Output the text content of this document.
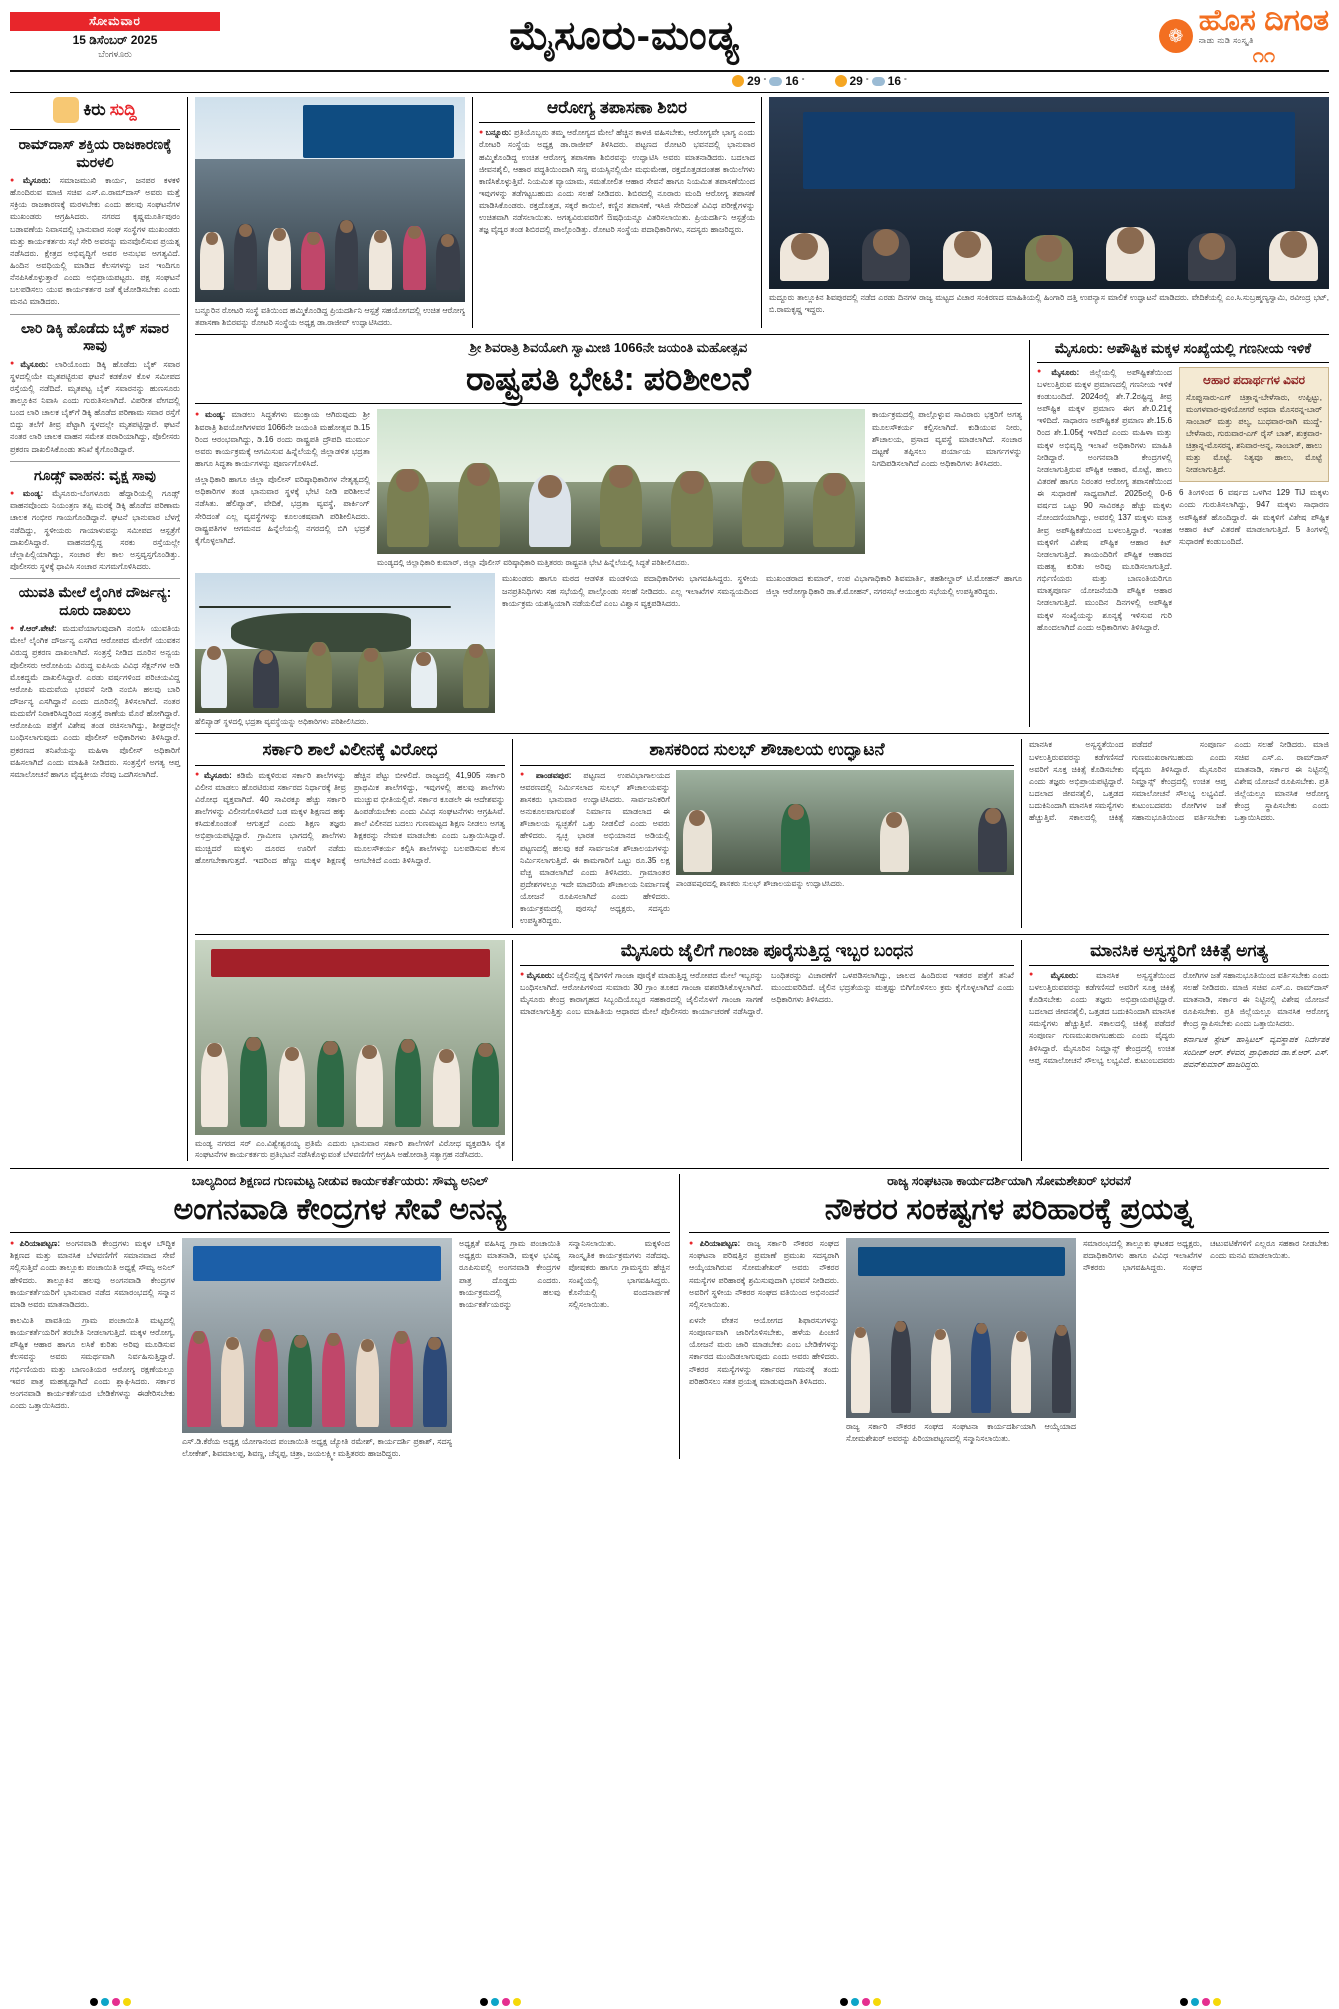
ಸೋಮವಾರ
15 ಡಿಸೆಂಬರ್ 2025
ಬೆಂಗಳೂರು	ಮೈಸೂರು-ಮಂಡ್ಯ	❁ ಹೊಸ ದಿಗಂತ
ನಾಡು ನುಡಿ ಸಂಸ್ಕೃತಿ
೧೧
29 ° 16 °	29 ° 16 °
ಕಿರು ಸುದ್ದಿ
ರಾಮ್‌ದಾಸ್ ಶಕ್ತಿಯ ರಾಜಕಾರಣಕ್ಕೆ ಮರಳಲಿ
● ಮೈಸೂರು: ಸಮಾಜಮುಖಿ ಕಾರ್ಯ, ಜನಪರ ಕಳಕಳಿ ಹೊಂದಿರುವ ಮಾಜಿ ಸಚಿವ ಎಸ್.ಎ.ರಾಮ್‌ದಾಸ್ ಅವರು ಮತ್ತೆ ಸಕ್ರಿಯ ರಾಜಕಾರಣಕ್ಕೆ ಮರಳಬೇಕು ಎಂದು ಹಲವು ಸಂಘಟನೆಗಳ ಮುಖಂಡರು ಆಗ್ರಹಿಸಿದರು. ನಗರದ ಕೃಷ್ಣಮೂರ್ತಿಪುರಂ ಬಡಾವಣೆಯ ನಿವಾಸದಲ್ಲಿ ಭಾನುವಾರ ಸಂಘ ಸಂಸ್ಥೆಗಳ ಮುಖಂಡರು ಮತ್ತು ಕಾರ್ಯಕರ್ತರು ಸಭೆ ಸೇರಿ ಅವರನ್ನು ಮನವೊಲಿಸುವ ಪ್ರಯತ್ನ ನಡೆಸಿದರು. ಕ್ಷೇತ್ರದ ಅಭಿವೃದ್ಧಿಗೆ ಅವರ ಅನುಭವ ಅಗತ್ಯವಿದೆ. ಹಿಂದಿನ ಅವಧಿಯಲ್ಲಿ ಮಾಡಿದ ಕೆಲಸಗಳನ್ನು ಜನ ಇಂದಿಗೂ ನೆನಪಿಸಿಕೊಳ್ಳುತ್ತಾರೆ ಎಂದು ಅಭಿಪ್ರಾಯಪಟ್ಟರು. ಪಕ್ಷ ಸಂಘಟನೆ ಬಲಪಡಿಸಲು ಯುವ ಕಾರ್ಯಕರ್ತರ ಜತೆ ಕೈಜೋಡಿಸಬೇಕು ಎಂದು ಮನವಿ ಮಾಡಿದರು.
ಲಾರಿ ಡಿಕ್ಕಿ ಹೊಡೆದು ಬೈಕ್ ಸವಾರ ಸಾವು
● ಮೈಸೂರು: ಲಾರಿಯೊಂದು ಡಿಕ್ಕಿ ಹೊಡೆದು ಬೈಕ್ ಸವಾರ ಸ್ಥಳದಲ್ಲಿಯೇ ಮೃತಪಟ್ಟಿರುವ ಘಟನೆ ಕಡಕೊಳ ಕೊಳ ಸಮೀಪದ ರಸ್ತೆಯಲ್ಲಿ ನಡೆದಿದೆ. ಮೃತಪಟ್ಟ ಬೈಕ್ ಸವಾರನನ್ನು ಹುಣಸೂರು ತಾಲ್ಲೂಕಿನ ನಿವಾಸಿ ಎಂದು ಗುರುತಿಸಲಾಗಿದೆ. ವಿಪರೀತ ವೇಗದಲ್ಲಿ ಬಂದ ಲಾರಿ ಚಾಲಕ ಬೈಕ್‌ಗೆ ಡಿಕ್ಕಿ ಹೊಡೆದ ಪರಿಣಾಮ ಸವಾರ ರಸ್ತೆಗೆ ಬಿದ್ದು ತಲೆಗೆ ತೀವ್ರ ಪೆಟ್ಟಾಗಿ ಸ್ಥಳದಲ್ಲೇ ಮೃತಪಟ್ಟಿದ್ದಾರೆ. ಘಟನೆ ನಂತರ ಲಾರಿ ಚಾಲಕ ವಾಹನ ಸಮೇತ ಪರಾರಿಯಾಗಿದ್ದು, ಪೊಲೀಸರು ಪ್ರಕರಣ ದಾಖಲಿಸಿಕೊಂಡು ತನಿಖೆ ಕೈಗೊಂಡಿದ್ದಾರೆ.
ಗೂಡ್ಸ್ ವಾಹನ: ವೃಕ್ಷ ಸಾವು
● ಮಂಡ್ಯ: ಮೈಸೂರು-ಬೆಂಗಳೂರು ಹೆದ್ದಾರಿಯಲ್ಲಿ ಗೂಡ್ಸ್ ವಾಹನವೊಂದು ನಿಯಂತ್ರಣ ತಪ್ಪಿ ಮರಕ್ಕೆ ಡಿಕ್ಕಿ ಹೊಡೆದ ಪರಿಣಾಮ ಚಾಲಕ ಗಂಭೀರ ಗಾಯಗೊಂಡಿದ್ದಾನೆ. ಘಟನೆ ಭಾನುವಾರ ಬೆಳಗ್ಗೆ ನಡೆದಿದ್ದು, ಸ್ಥಳೀಯರು ಗಾಯಾಳುವನ್ನು ಸಮೀಪದ ಆಸ್ಪತ್ರೆಗೆ ದಾಖಲಿಸಿದ್ದಾರೆ. ವಾಹನದಲ್ಲಿದ್ದ ಸರಕು ರಸ್ತೆಯಲ್ಲೇ ಚೆಲ್ಲಾಪಿಲ್ಲಿಯಾಗಿದ್ದು, ಸಂಚಾರ ಕೆಲ ಕಾಲ ಅಸ್ತವ್ಯಸ್ತಗೊಂಡಿತ್ತು. ಪೊಲೀಸರು ಸ್ಥಳಕ್ಕೆ ಧಾವಿಸಿ ಸಂಚಾರ ಸುಗಮಗೊಳಿಸಿದರು.
ಯುವತಿ ಮೇಲೆ ಲೈಂಗಿಕ ದೌರ್ಜನ್ಯ: ದೂರು ದಾಖಲು
● ಕೆ.ಆರ್.ಪೇಟೆ: ಮದುವೆಯಾಗುವುದಾಗಿ ನಂಬಿಸಿ ಯುವತಿಯ ಮೇಲೆ ಲೈಂಗಿಕ ದೌರ್ಜನ್ಯ ಎಸಗಿದ ಆರೋಪದ ಮೇರೆಗೆ ಯುವಕನ ವಿರುದ್ಧ ಪ್ರಕರಣ ದಾಖಲಾಗಿದೆ. ಸಂತ್ರಸ್ತೆ ನೀಡಿದ ದೂರಿನ ಅನ್ವಯ ಪೊಲೀಸರು ಆರೋಪಿಯ ವಿರುದ್ಧ ಐಪಿಸಿಯ ವಿವಿಧ ಸೆಕ್ಷನ್‌ಗಳ ಅಡಿ ಮೊಕದ್ದಮೆ ದಾಖಲಿಸಿದ್ದಾರೆ. ಎರಡು ವರ್ಷಗಳಿಂದ ಪರಿಚಯವಿದ್ದ ಆರೋಪಿ ಮದುವೆಯ ಭರವಸೆ ನೀಡಿ ನಂಬಿಸಿ ಹಲವು ಬಾರಿ ದೌರ್ಜನ್ಯ ಎಸಗಿದ್ದಾನೆ ಎಂದು ದೂರಿನಲ್ಲಿ ತಿಳಿಸಲಾಗಿದೆ. ನಂತರ ಮದುವೆಗೆ ನಿರಾಕರಿಸಿದ್ದರಿಂದ ಸಂತ್ರಸ್ತೆ ಠಾಣೆಯ ಮೊರೆ ಹೋಗಿದ್ದಾರೆ. ಆರೋಪಿಯ ಪತ್ತೆಗೆ ವಿಶೇಷ ತಂಡ ರಚಿಸಲಾಗಿದ್ದು, ಶೀಘ್ರದಲ್ಲೇ ಬಂಧಿಸಲಾಗುವುದು ಎಂದು ಪೊಲೀಸ್ ಅಧಿಕಾರಿಗಳು ತಿಳಿಸಿದ್ದಾರೆ. ಪ್ರಕರಣದ ತನಿಖೆಯನ್ನು ಮಹಿಳಾ ಪೊಲೀಸ್ ಅಧಿಕಾರಿಗೆ ವಹಿಸಲಾಗಿದೆ ಎಂದು ಮಾಹಿತಿ ನೀಡಿದರು. ಸಂತ್ರಸ್ತೆಗೆ ಅಗತ್ಯ ಆಪ್ತ ಸಮಾಲೋಚನೆ ಹಾಗೂ ವೈದ್ಯಕೀಯ ನೆರವು ಒದಗಿಸಲಾಗಿದೆ.
ಬನ್ನೂರಿನ ರೋಟರಿ ಸಂಸ್ಥೆ ವತಿಯಿಂದ ಹಮ್ಮಿಕೊಂಡಿದ್ದ ಪ್ರಿಯದರ್ಶಿನಿ ಆಸ್ಪತ್ರೆ ಸಹಯೋಗದಲ್ಲಿ ಉಚಿತ ಆರೋಗ್ಯ ತಪಾಸಣಾ ಶಿಬಿರವನ್ನು ರೋಟರಿ ಸಂಸ್ಥೆಯ ಅಧ್ಯಕ್ಷ ಡಾ.ರಾಜೀವ್ ಉದ್ಘಾಟಿಸಿದರು.
ಆರೋಗ್ಯ ತಪಾಸಣಾ ಶಿಬಿರ
● ಬನ್ನೂರು: ಪ್ರತಿಯೊಬ್ಬರು ತಮ್ಮ ಆರೋಗ್ಯದ ಮೇಲೆ ಹೆಚ್ಚಿನ ಕಾಳಜಿ ವಹಿಸಬೇಕು, ಆರೋಗ್ಯವೇ ಭಾಗ್ಯ ಎಂದು ರೋಟರಿ ಸಂಸ್ಥೆಯ ಅಧ್ಯಕ್ಷ ಡಾ.ರಾಜೀವ್ ತಿಳಿಸಿದರು. ಪಟ್ಟಣದ ರೋಟರಿ ಭವನದಲ್ಲಿ ಭಾನುವಾರ ಹಮ್ಮಿಕೊಂಡಿದ್ದ ಉಚಿತ ಆರೋಗ್ಯ ತಪಾಸಣಾ ಶಿಬಿರವನ್ನು ಉದ್ಘಾಟಿಸಿ ಅವರು ಮಾತನಾಡಿದರು. ಬದಲಾದ ಜೀವನಶೈಲಿ, ಆಹಾರ ಪದ್ಧತಿಯಿಂದಾಗಿ ಸಣ್ಣ ವಯಸ್ಸಿನಲ್ಲಿಯೇ ಮಧುಮೇಹ, ರಕ್ತದೊತ್ತಡದಂತಹ ಕಾಯಿಲೆಗಳು ಕಾಣಿಸಿಕೊಳ್ಳುತ್ತಿವೆ. ನಿಯಮಿತ ವ್ಯಾಯಾಮ, ಸಮತೋಲಿತ ಆಹಾರ ಸೇವನೆ ಹಾಗೂ ನಿಯಮಿತ ತಪಾಸಣೆಯಿಂದ ಇವುಗಳನ್ನು ತಡೆಗಟ್ಟಬಹುದು ಎಂದು ಸಲಹೆ ನೀಡಿದರು. ಶಿಬಿರದಲ್ಲಿ ನೂರಾರು ಮಂದಿ ಆರೋಗ್ಯ ತಪಾಸಣೆ ಮಾಡಿಸಿಕೊಂಡರು. ರಕ್ತದೊತ್ತಡ, ಸಕ್ಕರೆ ಕಾಯಿಲೆ, ಕಣ್ಣಿನ ತಪಾಸಣೆ, ಇಸಿಜಿ ಸೇರಿದಂತೆ ವಿವಿಧ ಪರೀಕ್ಷೆಗಳನ್ನು ಉಚಿತವಾಗಿ ನಡೆಸಲಾಯಿತು. ಅಗತ್ಯವಿರುವವರಿಗೆ ಔಷಧಿಯನ್ನೂ ವಿತರಿಸಲಾಯಿತು. ಪ್ರಿಯದರ್ಶಿನಿ ಆಸ್ಪತ್ರೆಯ ತಜ್ಞ ವೈದ್ಯರ ತಂಡ ಶಿಬಿರದಲ್ಲಿ ಪಾಲ್ಗೊಂಡಿತ್ತು. ರೋಟರಿ ಸಂಸ್ಥೆಯ ಪದಾಧಿಕಾರಿಗಳು, ಸದಸ್ಯರು ಹಾಜರಿದ್ದರು.
ಮದ್ದೂರು ತಾಲ್ಲೂಕಿನ ಶಿವಪುರದಲ್ಲಿ ನಡೆದ ಎರಡು ದಿನಗಳ ರಾಜ್ಯ ಮಟ್ಟದ ವಿಚಾರ ಸಂಕಿರಣದ ಮಾಹಿತಿಯಲ್ಲಿ ಹಿಂಗಾರಿ ದತ್ತಿ ಉಪನ್ಯಾಸ ಮಾಲಿಕೆ ಉದ್ಘಾಟನೆ ಮಾಡಿದರು. ವೇದಿಕೆಯಲ್ಲಿ ಎಂ.ಸಿ.ಸುಬ್ರಹ್ಮಣ್ಯಸ್ವಾಮಿ, ರವೀಂದ್ರ ಭಟ್, ಬಿ.ರಾಮಕೃಷ್ಣ ಇದ್ದರು.
ಶ್ರೀ ಶಿವರಾತ್ರಿ ಶಿವಯೋಗಿ ಸ್ವಾಮೀಜಿ 1066ನೇ ಜಯಂತಿ ಮಹೋತ್ಸವ
ರಾಷ್ಟ್ರಪತಿ ಭೇಟಿ: ಪರಿಶೀಲನೆ
● ಮಂಡ್ಯ: ಮಾಡಲು ಸಿದ್ಧತೆಗಳು ಮುಕ್ತಾಯ ಆಗಿರುವುದು ಶ್ರೀ ಶಿವರಾತ್ರಿ ಶಿವಯೋಗಿಗಳವರ 1066ನೇ ಜಯಂತಿ ಮಹೋತ್ಸವ ಡಿ.15 ರಿಂದ ಆರಂಭವಾಗಿದ್ದು, ಡಿ.16 ರಂದು ರಾಷ್ಟ್ರಪತಿ ದ್ರೌಪದಿ ಮುರ್ಮು ಅವರು ಕಾರ್ಯಕ್ರಮಕ್ಕೆ ಆಗಮಿಸುವ ಹಿನ್ನೆಲೆಯಲ್ಲಿ ಜಿಲ್ಲಾಡಳಿತ ಭದ್ರತಾ ಹಾಗೂ ಸಿದ್ಧತಾ ಕಾರ್ಯಗಳನ್ನು ಪೂರ್ಣಗೊಳಿಸಿದೆ.
ಜಿಲ್ಲಾಧಿಕಾರಿ ಹಾಗೂ ಜಿಲ್ಲಾ ಪೊಲೀಸ್ ವರಿಷ್ಠಾಧಿಕಾರಿಗಳ ನೇತೃತ್ವದಲ್ಲಿ ಅಧಿಕಾರಿಗಳ ತಂಡ ಭಾನುವಾರ ಸ್ಥಳಕ್ಕೆ ಭೇಟಿ ನೀಡಿ ಪರಿಶೀಲನೆ ನಡೆಸಿತು. ಹೆಲಿಪ್ಯಾಡ್, ವೇದಿಕೆ, ಭದ್ರತಾ ವ್ಯವಸ್ಥೆ, ಪಾರ್ಕಿಂಗ್ ಸೇರಿದಂತೆ ಎಲ್ಲ ವ್ಯವಸ್ಥೆಗಳನ್ನು ಕೂಲಂಕಷವಾಗಿ ಪರಿಶೀಲಿಸಿದರು. ರಾಷ್ಟ್ರಪತಿಗಳ ಆಗಮನದ ಹಿನ್ನೆಲೆಯಲ್ಲಿ ನಗರದಲ್ಲಿ ಬಿಗಿ ಭದ್ರತೆ ಕೈಗೊಳ್ಳಲಾಗಿದೆ.
ಮಂಡ್ಯದಲ್ಲಿ ಜಿಲ್ಲಾಧಿಕಾರಿ ಕುಮಾರ್, ಜಿಲ್ಲಾ ಪೊಲೀಸ್ ವರಿಷ್ಠಾಧಿಕಾರಿ ಮತ್ತಿತರರು ರಾಷ್ಟ್ರಪತಿ ಭೇಟಿ ಹಿನ್ನೆಲೆಯಲ್ಲಿ ಸಿದ್ಧತೆ ಪರಿಶೀಲಿಸಿದರು.
ಕಾರ್ಯಕ್ರಮದಲ್ಲಿ ಪಾಲ್ಗೊಳ್ಳುವ ಸಾವಿರಾರು ಭಕ್ತರಿಗೆ ಅಗತ್ಯ ಮೂಲಸೌಕರ್ಯ ಕಲ್ಪಿಸಲಾಗಿದೆ. ಕುಡಿಯುವ ನೀರು, ಶೌಚಾಲಯ, ಪ್ರಸಾದ ವ್ಯವಸ್ಥೆ ಮಾಡಲಾಗಿದೆ. ಸಂಚಾರ ದಟ್ಟಣೆ ತಪ್ಪಿಸಲು ಪರ್ಯಾಯ ಮಾರ್ಗಗಳನ್ನು ನಿಗದಿಪಡಿಸಲಾಗಿದೆ ಎಂದು ಅಧಿಕಾರಿಗಳು ತಿಳಿಸಿದರು.
ಹೆಲಿಪ್ಯಾಡ್ ಸ್ಥಳದಲ್ಲಿ ಭದ್ರತಾ ವ್ಯವಸ್ಥೆಯನ್ನು ಅಧಿಕಾರಿಗಳು ಪರಿಶೀಲಿಸಿದರು.
ಮುಖಂಡರು ಹಾಗೂ ಮಠದ ಆಡಳಿತ ಮಂಡಳಿಯ ಪದಾಧಿಕಾರಿಗಳು ಭಾಗವಹಿಸಿದ್ದರು. ಸ್ಥಳೀಯ ಜನಪ್ರತಿನಿಧಿಗಳು ಸಹ ಸಭೆಯಲ್ಲಿ ಪಾಲ್ಗೊಂಡು ಸಲಹೆ ನೀಡಿದರು. ಎಲ್ಲ ಇಲಾಖೆಗಳ ಸಮನ್ವಯದಿಂದ ಕಾರ್ಯಕ್ರಮ ಯಶಸ್ವಿಯಾಗಿ ನಡೆಯಲಿದೆ ಎಂಬ ವಿಶ್ವಾಸ ವ್ಯಕ್ತಪಡಿಸಿದರು.
ಮುಖಂಡರಾದ ಕುಮಾರ್, ಉಪ ವಿಭಾಗಾಧಿಕಾರಿ ಶಿವಮಾರ್ತಿ, ತಹಶೀಲ್ದಾರ್ ಟಿ.ಮೋಹನ್ ಹಾಗೂ ಜಿಲ್ಲಾ ಆರೋಗ್ಯಾಧಿಕಾರಿ ಡಾ.ಕೆ.ಮೋಹನ್, ನಗರಸಭೆ ಆಯುಕ್ತರು ಸಭೆಯಲ್ಲಿ ಉಪಸ್ಥಿತರಿದ್ದರು.
ಮೈಸೂರು: ಅಪೌಷ್ಟಿಕ ಮಕ್ಕಳ ಸಂಖ್ಯೆಯಲ್ಲಿ ಗಣನೀಯ ಇಳಿಕೆ
● ಮೈಸೂರು: ಜಿಲ್ಲೆಯಲ್ಲಿ ಅಪೌಷ್ಟಿಕತೆಯಿಂದ ಬಳಲುತ್ತಿರುವ ಮಕ್ಕಳ ಪ್ರಮಾಣದಲ್ಲಿ ಗಣನೀಯ ಇಳಿಕೆ ಕಂಡುಬಂದಿದೆ. 2024ರಲ್ಲಿ ಶೇ.7.2ರಷ್ಟಿದ್ದ ತೀವ್ರ ಅಪೌಷ್ಟಿಕ ಮಕ್ಕಳ ಪ್ರಮಾಣ ಈಗ ಶೇ.0.21ಕ್ಕೆ ಇಳಿದಿದೆ. ಸಾಧಾರಣ ಅಪೌಷ್ಟಿಕತೆ ಪ್ರಮಾಣ ಶೇ.15.6 ರಿಂದ ಶೇ.1.05ಕ್ಕೆ ಇಳಿದಿದೆ ಎಂದು ಮಹಿಳಾ ಮತ್ತು ಮಕ್ಕಳ ಅಭಿವೃದ್ಧಿ ಇಲಾಖೆ ಅಧಿಕಾರಿಗಳು ಮಾಹಿತಿ ನೀಡಿದ್ದಾರೆ. ಅಂಗನವಾಡಿ ಕೇಂದ್ರಗಳಲ್ಲಿ ನೀಡಲಾಗುತ್ತಿರುವ ಪೌಷ್ಟಿಕ ಆಹಾರ, ಮೊಟ್ಟೆ, ಹಾಲು ವಿತರಣೆ ಹಾಗೂ ನಿರಂತರ ಆರೋಗ್ಯ ತಪಾಸಣೆಯಿಂದ ಈ ಸುಧಾರಣೆ ಸಾಧ್ಯವಾಗಿದೆ. 2025ರಲ್ಲಿ 0-6 ವರ್ಷದ ಒಟ್ಟು 90 ಸಾವಿರಕ್ಕೂ ಹೆಚ್ಚು ಮಕ್ಕಳು ನೋಂದಣಿಯಾಗಿದ್ದು, ಅವರಲ್ಲಿ 137 ಮಕ್ಕಳು ಮಾತ್ರ ತೀವ್ರ ಅಪೌಷ್ಟಿಕತೆಯಿಂದ ಬಳಲುತ್ತಿದ್ದಾರೆ. ಇಂತಹ ಮಕ್ಕಳಿಗೆ ವಿಶೇಷ ಪೌಷ್ಟಿಕ ಆಹಾರ ಕಿಟ್ ನೀಡಲಾಗುತ್ತಿದೆ. ತಾಯಂದಿರಿಗೆ ಪೌಷ್ಟಿಕ ಆಹಾರದ ಮಹತ್ವ ಕುರಿತು ಅರಿವು ಮೂಡಿಸಲಾಗುತ್ತಿದೆ. ಗರ್ಭಿಣಿಯರು ಮತ್ತು ಬಾಣಂತಿಯರಿಗೂ ಮಾತೃಪೂರ್ಣ ಯೋಜನೆಯಡಿ ಪೌಷ್ಟಿಕ ಆಹಾರ ನೀಡಲಾಗುತ್ತಿದೆ. ಮುಂದಿನ ದಿನಗಳಲ್ಲಿ ಅಪೌಷ್ಟಿಕ ಮಕ್ಕಳ ಸಂಖ್ಯೆಯನ್ನು ಶೂನ್ಯಕ್ಕೆ ಇಳಿಸುವ ಗುರಿ ಹೊಂದಲಾಗಿದೆ ಎಂದು ಅಧಿಕಾರಿಗಳು ತಿಳಿಸಿದ್ದಾರೆ.
ಆಹಾರ ಪದಾರ್ಥಗಳ ವಿವರ
ಸೊಪ್ಪುಸಾರು-ಎಗ್ ಚಿತ್ರಾನ್ನ-ಬೇಳೆಸಾರು, ಉಪ್ಪಿಟ್ಟು, ಮಂಗಳವಾರ-ಪುಳಿಯೋಗರೆ ಅಥವಾ ಮೊಸರನ್ನ-ಬಾರ್ ಸಾಂಬಾರ್ ಮತ್ತು ಪಲ್ಯ, ಬುಧವಾರ-ರಾಗಿ ಮುದ್ದೆ-ಬೇಳೆಸಾರು, ಗುರುವಾರ-ಎಗ್ ರೈಸ್ ಬಾತ್, ಶುಕ್ರವಾರ-ಚಿತ್ರಾನ್ನ-ಮೊಸರನ್ನ, ಶನಿವಾರ-ಅನ್ನ, ಸಾಂಬಾರ್, ಹಾಲು ಮತ್ತು ಮೊಟ್ಟೆ. ನಿತ್ಯವೂ ಹಾಲು, ಮೊಟ್ಟೆ ನೀಡಲಾಗುತ್ತಿದೆ.
6 ತಿಂಗಳಿಂದ 6 ವರ್ಷದ ಒಳಗಿನ 129 TiJ ಮಕ್ಕಳು ಎಂದು ಗುರುತಿಸಲಾಗಿದ್ದು, 947 ಮಕ್ಕಳು ಸಾಧಾರಣ ಅಪೌಷ್ಟಿಕತೆ ಹೊಂದಿದ್ದಾರೆ. ಈ ಮಕ್ಕಳಿಗೆ ವಿಶೇಷ ಪೌಷ್ಟಿಕ ಆಹಾರ ಕಿಟ್ ವಿತರಣೆ ಮಾಡಲಾಗುತ್ತಿದೆ. 5 ತಿಂಗಳಲ್ಲಿ ಸುಧಾರಣೆ ಕಂಡುಬಂದಿದೆ.
ಸರ್ಕಾರಿ ಶಾಲೆ ವಿಲೀನಕ್ಕೆ ವಿರೋಧ
● ಮೈಸೂರು: ಕಡಿಮೆ ಮಕ್ಕಳಿರುವ ಸರ್ಕಾರಿ ಶಾಲೆಗಳನ್ನು ವಿಲೀನ ಮಾಡಲು ಹೊರಟಿರುವ ಸರ್ಕಾರದ ನಿರ್ಧಾರಕ್ಕೆ ತೀವ್ರ ವಿರೋಧ ವ್ಯಕ್ತವಾಗಿದೆ. 40 ಸಾವಿರಕ್ಕೂ ಹೆಚ್ಚು ಸರ್ಕಾರಿ ಶಾಲೆಗಳನ್ನು ವಿಲೀನಗೊಳಿಸಿದರೆ ಬಡ ಮಕ್ಕಳ ಶಿಕ್ಷಣದ ಹಕ್ಕು ಕಸಿದುಕೊಂಡಂತೆ ಆಗುತ್ತದೆ ಎಂದು ಶಿಕ್ಷಣ ತಜ್ಞರು ಅಭಿಪ್ರಾಯಪಟ್ಟಿದ್ದಾರೆ. ಗ್ರಾಮೀಣ ಭಾಗದಲ್ಲಿ ಶಾಲೆಗಳು ಮುಚ್ಚಿದರೆ ಮಕ್ಕಳು ದೂರದ ಊರಿಗೆ ನಡೆದು ಹೋಗಬೇಕಾಗುತ್ತದೆ. ಇದರಿಂದ ಹೆಣ್ಣು ಮಕ್ಕಳ ಶಿಕ್ಷಣಕ್ಕೆ ಹೆಚ್ಚಿನ ಪೆಟ್ಟು ಬೀಳಲಿದೆ. ರಾಜ್ಯದಲ್ಲಿ 41,905 ಸರ್ಕಾರಿ ಪ್ರಾಥಮಿಕ ಶಾಲೆಗಳಿದ್ದು, ಇವುಗಳಲ್ಲಿ ಹಲವು ಶಾಲೆಗಳು ಮುಚ್ಚುವ ಭೀತಿಯಲ್ಲಿವೆ. ಸರ್ಕಾರ ಕೂಡಲೇ ಈ ಆದೇಶವನ್ನು ಹಿಂಪಡೆಯಬೇಕು ಎಂದು ವಿವಿಧ ಸಂಘಟನೆಗಳು ಆಗ್ರಹಿಸಿವೆ. ಶಾಲೆ ವಿಲೀನದ ಬದಲು ಗುಣಮಟ್ಟದ ಶಿಕ್ಷಣ ನೀಡಲು ಅಗತ್ಯ ಶಿಕ್ಷಕರನ್ನು ನೇಮಕ ಮಾಡಬೇಕು ಎಂದು ಒತ್ತಾಯಿಸಿದ್ದಾರೆ. ಮೂಲಸೌಕರ್ಯ ಕಲ್ಪಿಸಿ ಶಾಲೆಗಳನ್ನು ಬಲಪಡಿಸುವ ಕೆಲಸ ಆಗಬೇಕಿದೆ ಎಂದು ತಿಳಿಸಿದ್ದಾರೆ.
ಶಾಸಕರಿಂದ ಸುಲಭ್ ಶೌಚಾಲಯ ಉದ್ಘಾಟನೆ
● ಪಾಂಡವಪುರ: ಪಟ್ಟಣದ ಉಪವಿಭಾಗಾಲಯದ ಆವರಣದಲ್ಲಿ ನಿರ್ಮಿಸಲಾದ ಸುಲಭ್ ಶೌಚಾಲಯವನ್ನು ಶಾಸಕರು ಭಾನುವಾರ ಉದ್ಘಾಟಿಸಿದರು. ಸಾರ್ವಜನಿಕರಿಗೆ ಅನುಕೂಲವಾಗುವಂತೆ ನಿರ್ಮಾಣ ಮಾಡಲಾದ ಈ ಶೌಚಾಲಯ ಸ್ವಚ್ಛತೆಗೆ ಒತ್ತು ನೀಡಲಿದೆ ಎಂದು ಅವರು ಹೇಳಿದರು. ಸ್ವಚ್ಛ ಭಾರತ ಅಭಿಯಾನದ ಅಡಿಯಲ್ಲಿ ಪಟ್ಟಣದಲ್ಲಿ ಹಲವು ಕಡೆ ಸಾರ್ವಜನಿಕ ಶೌಚಾಲಯಗಳನ್ನು ನಿರ್ಮಿಸಲಾಗುತ್ತಿದೆ. ಈ ಕಾಮಗಾರಿಗೆ ಒಟ್ಟು ರೂ.35 ಲಕ್ಷ ವೆಚ್ಚ ಮಾಡಲಾಗಿದೆ ಎಂದು ತಿಳಿಸಿದರು. ಗ್ರಾಮಾಂತರ ಪ್ರದೇಶಗಳಲ್ಲೂ ಇದೇ ಮಾದರಿಯ ಶೌಚಾಲಯ ನಿರ್ಮಾಣಕ್ಕೆ ಯೋಜನೆ ರೂಪಿಸಲಾಗಿದೆ ಎಂದು ಹೇಳಿದರು. ಕಾರ್ಯಕ್ರಮದಲ್ಲಿ ಪುರಸಭೆ ಅಧ್ಯಕ್ಷರು, ಸದಸ್ಯರು ಉಪಸ್ಥಿತರಿದ್ದರು.
ಪಾಂಡವಪುರದಲ್ಲಿ ಶಾಸಕರು ಸುಲಭ್ ಶೌಚಾಲಯವನ್ನು ಉದ್ಘಾಟಿಸಿದರು.
ಮಾನಸಿಕ ಅಸ್ವಸ್ಥತೆಯಿಂದ ಬಳಲುತ್ತಿರುವವರನ್ನು ಕಡೆಗಣಿಸದೆ ಅವರಿಗೆ ಸೂಕ್ತ ಚಿಕಿತ್ಸೆ ಕೊಡಿಸಬೇಕು ಎಂದು ತಜ್ಞರು ಅಭಿಪ್ರಾಯಪಟ್ಟಿದ್ದಾರೆ. ಬದಲಾದ ಜೀವನಶೈಲಿ, ಒತ್ತಡದ ಬದುಕಿನಿಂದಾಗಿ ಮಾನಸಿಕ ಸಮಸ್ಯೆಗಳು ಹೆಚ್ಚುತ್ತಿವೆ. ಸಕಾಲದಲ್ಲಿ ಚಿಕಿತ್ಸೆ ಪಡೆದರೆ ಸಂಪೂರ್ಣ ಗುಣಮುಖರಾಗಬಹುದು ಎಂದು ವೈದ್ಯರು ತಿಳಿಸಿದ್ದಾರೆ. ಮೈಸೂರಿನ ನಿಮ್ಹಾನ್ಸ್ ಕೇಂದ್ರದಲ್ಲಿ ಉಚಿತ ಆಪ್ತ ಸಮಾಲೋಚನೆ ಸೌಲಭ್ಯ ಲಭ್ಯವಿದೆ. ಕುಟುಂಬದವರು ರೋಗಿಗಳ ಜತೆ ಸಹಾನುಭೂತಿಯಿಂದ ವರ್ತಿಸಬೇಕು ಎಂದು ಸಲಹೆ ನೀಡಿದರು. ಮಾಜಿ ಸಚಿವ ಎಸ್.ಎ. ರಾಮ್‌ದಾಸ್ ಮಾತನಾಡಿ, ಸರ್ಕಾರ ಈ ನಿಟ್ಟಿನಲ್ಲಿ ವಿಶೇಷ ಯೋಜನೆ ರೂಪಿಸಬೇಕು. ಪ್ರತಿ ಜಿಲ್ಲೆಯಲ್ಲೂ ಮಾನಸಿಕ ಆರೋಗ್ಯ ಕೇಂದ್ರ ಸ್ಥಾಪಿಸಬೇಕು ಎಂದು ಒತ್ತಾಯಿಸಿದರು.
ಮಂಡ್ಯ ನಗರದ ಸರ್ ಎಂ.ವಿಶ್ವೇಶ್ವರಯ್ಯ ಪ್ರತಿಮೆ ಎದುರು ಭಾನುವಾರ ಸರ್ಕಾರಿ ಶಾಲೆಗಳಿಗೆ ವಿರೋಧ ವ್ಯಕ್ತಪಡಿಸಿ ರೈತ ಸಂಘಟನೆಗಳ ಕಾರ್ಯಕರ್ತರು ಪ್ರತಿಭಟನೆ ನಡೆಸಿಕೊಳ್ಳುವಂತೆ ಬೆಳವಣಿಗೆಗೆ ಆಗ್ರಹಿಸಿ ಅಹೋರಾತ್ರಿ ಸತ್ಯಾಗ್ರಹ ನಡೆಸಿದರು.
ಮೈಸೂರು ಜೈಲಿಗೆ ಗಾಂಜಾ ಪೂರೈಸುತ್ತಿದ್ದ ಇಬ್ಬರ ಬಂಧನ
● ಮೈಸೂರು: ಜೈಲಿನಲ್ಲಿದ್ದ ಕೈದಿಗಳಿಗೆ ಗಾಂಜಾ ಪೂರೈಕೆ ಮಾಡುತ್ತಿದ್ದ ಆರೋಪದ ಮೇಲೆ ಇಬ್ಬರನ್ನು ಬಂಧಿಸಲಾಗಿದೆ. ಆರೋಪಿಗಳಿಂದ ಸುಮಾರು 30 ಗ್ರಾಂ ತೂಕದ ಗಾಂಜಾ ವಶಪಡಿಸಿಕೊಳ್ಳಲಾಗಿದೆ. ಮೈಸೂರು ಕೇಂದ್ರ ಕಾರಾಗೃಹದ ಸಿಬ್ಬಂದಿಯೊಬ್ಬರ ಸಹಕಾರದಲ್ಲಿ ಜೈಲಿನೊಳಗೆ ಗಾಂಜಾ ಸಾಗಣೆ ಮಾಡಲಾಗುತ್ತಿತ್ತು ಎಂಬ ಮಾಹಿತಿಯ ಆಧಾರದ ಮೇಲೆ ಪೊಲೀಸರು ಕಾರ್ಯಾಚರಣೆ ನಡೆಸಿದ್ದಾರೆ. ಬಂಧಿತರನ್ನು ವಿಚಾರಣೆಗೆ ಒಳಪಡಿಸಲಾಗಿದ್ದು, ಜಾಲದ ಹಿಂದಿರುವ ಇತರರ ಪತ್ತೆಗೆ ತನಿಖೆ ಮುಂದುವರಿದಿದೆ. ಜೈಲಿನ ಭದ್ರತೆಯನ್ನು ಮತ್ತಷ್ಟು ಬಿಗಿಗೊಳಿಸಲು ಕ್ರಮ ಕೈಗೊಳ್ಳಲಾಗಿದೆ ಎಂದು ಅಧಿಕಾರಿಗಳು ತಿಳಿಸಿದರು.
ಮಾನಸಿಕ ಅಸ್ವಸ್ಥರಿಗೆ ಚಿಕಿತ್ಸೆ ಅಗತ್ಯ
● ಮೈಸೂರು: ಮಾನಸಿಕ ಅಸ್ವಸ್ಥತೆಯಿಂದ ಬಳಲುತ್ತಿರುವವರನ್ನು ಕಡೆಗಣಿಸದೆ ಅವರಿಗೆ ಸೂಕ್ತ ಚಿಕಿತ್ಸೆ ಕೊಡಿಸಬೇಕು ಎಂದು ತಜ್ಞರು ಅಭಿಪ್ರಾಯಪಟ್ಟಿದ್ದಾರೆ. ಬದಲಾದ ಜೀವನಶೈಲಿ, ಒತ್ತಡದ ಬದುಕಿನಿಂದಾಗಿ ಮಾನಸಿಕ ಸಮಸ್ಯೆಗಳು ಹೆಚ್ಚುತ್ತಿವೆ. ಸಕಾಲದಲ್ಲಿ ಚಿಕಿತ್ಸೆ ಪಡೆದರೆ ಸಂಪೂರ್ಣ ಗುಣಮುಖರಾಗಬಹುದು ಎಂದು ವೈದ್ಯರು ತಿಳಿಸಿದ್ದಾರೆ. ಮೈಸೂರಿನ ನಿಮ್ಹಾನ್ಸ್ ಕೇಂದ್ರದಲ್ಲಿ ಉಚಿತ ಆಪ್ತ ಸಮಾಲೋಚನೆ ಸೌಲಭ್ಯ ಲಭ್ಯವಿದೆ. ಕುಟುಂಬದವರು ರೋಗಿಗಳ ಜತೆ ಸಹಾನುಭೂತಿಯಿಂದ ವರ್ತಿಸಬೇಕು ಎಂದು ಸಲಹೆ ನೀಡಿದರು. ಮಾಜಿ ಸಚಿವ ಎಸ್.ಎ. ರಾಮ್‌ದಾಸ್ ಮಾತನಾಡಿ, ಸರ್ಕಾರ ಈ ನಿಟ್ಟಿನಲ್ಲಿ ವಿಶೇಷ ಯೋಜನೆ ರೂಪಿಸಬೇಕು. ಪ್ರತಿ ಜಿಲ್ಲೆಯಲ್ಲೂ ಮಾನಸಿಕ ಆರೋಗ್ಯ ಕೇಂದ್ರ ಸ್ಥಾಪಿಸಬೇಕು ಎಂದು ಒತ್ತಾಯಿಸಿದರು.
ಕರ್ನಾಟಕ ಸ್ಟೇಟ್ ಹಾಸ್ಪಿಟಲ್ ವ್ಯವಸ್ಥಾಪಕ ನಿರ್ದೇಶಕ ಸಂದೀಪ್ ಆರ್. ಕೆಳವರ, ಪ್ರಾಧಿಕಾರದ ಡಾ.ಕೆ.ಆರ್. ಎಸ್. ಪವನ್‌ಕುಮಾರ್ ಹಾಜರಿದ್ದರು.
ಬಾಲ್ಯದಿಂದ ಶಿಕ್ಷಣದ ಗುಣಮಟ್ಟ ನೀಡುವ ಕಾರ್ಯಕರ್ತೆಯರು: ಸೌಮ್ಯ ಅನಿಲ್
ಅಂಗನವಾಡಿ ಕೇಂದ್ರಗಳ ಸೇವೆ ಅನನ್ಯ
● ಪಿರಿಯಾಪಟ್ಟಣ: ಅಂಗನವಾಡಿ ಕೇಂದ್ರಗಳು ಮಕ್ಕಳ ಬೌದ್ಧಿಕ ಶಿಕ್ಷಣದ ಮತ್ತು ಮಾನಸಿಕ ಬೆಳವಣಿಗೆಗೆ ಸಮಾನವಾದ ಸೇವೆ ಸಲ್ಲಿಸುತ್ತಿವೆ ಎಂದು ತಾಲ್ಲೂಕು ಪಂಚಾಯಿತಿ ಅಧ್ಯಕ್ಷೆ ಸೌಮ್ಯ ಅನಿಲ್ ಹೇಳಿದರು. ತಾಲ್ಲೂಕಿನ ಹಲವು ಅಂಗನವಾಡಿ ಕೇಂದ್ರಗಳ ಕಾರ್ಯಕರ್ತೆಯರಿಗೆ ಭಾನುವಾರ ನಡೆದ ಸಮಾರಂಭದಲ್ಲಿ ಸನ್ಮಾನ ಮಾಡಿ ಅವರು ಮಾತನಾಡಿದರು.
ಕಾಲಮಿತಿ ಪಾವತಿಯ ಗ್ರಾಮ ಪಂಚಾಯಿತಿ ಮಟ್ಟದಲ್ಲಿ ಕಾರ್ಯಕರ್ತೆಯರಿಗೆ ತರಬೇತಿ ನೀಡಲಾಗುತ್ತಿದೆ. ಮಕ್ಕಳ ಆರೋಗ್ಯ, ಪೌಷ್ಟಿಕ ಆಹಾರ ಹಾಗೂ ಲಸಿಕೆ ಕುರಿತು ಅರಿವು ಮೂಡಿಸುವ ಕೆಲಸವನ್ನು ಅವರು ಸಮರ್ಥವಾಗಿ ನಿರ್ವಹಿಸುತ್ತಿದ್ದಾರೆ. ಗರ್ಭಿಣಿಯರು ಮತ್ತು ಬಾಣಂತಿಯರ ಆರೋಗ್ಯ ರಕ್ಷಣೆಯಲ್ಲೂ ಇವರ ಪಾತ್ರ ಮಹತ್ವದ್ದಾಗಿದೆ ಎಂದು ಶ್ಲಾಘಿಸಿದರು. ಸರ್ಕಾರ ಅಂಗನವಾಡಿ ಕಾರ್ಯಕರ್ತೆಯರ ಬೇಡಿಕೆಗಳನ್ನು ಈಡೇರಿಸಬೇಕು ಎಂದು ಒತ್ತಾಯಿಸಿದರು.
ಎಸ್.ಡಿ.ಕೆರೆಯ ಅಧ್ಯಕ್ಷ ಯೋಗಾನಂದ ಪಂಚಾಯಿತಿ ಅಧ್ಯಕ್ಷ ಜ್ಯೋತಿ ರಮೇಶ್, ಕಾರ್ಯದರ್ಶಿ ಪ್ರಕಾಶ್, ಸದಸ್ಯ ಲೋಕೇಶ್, ಶಿವಮಾಲಪ್ಪ, ಶಿವಣ್ಣ, ಚೆನ್ನಪ್ಪ, ಚಿತ್ರಾ, ಜಯಲಕ್ಷ್ಮೀ ಮತ್ತಿತರರು ಹಾಜರಿದ್ದರು.
ಅಧ್ಯಕ್ಷತೆ ವಹಿಸಿದ್ದ ಗ್ರಾಮ ಪಂಚಾಯಿತಿ ಅಧ್ಯಕ್ಷರು ಮಾತನಾಡಿ, ಮಕ್ಕಳ ಭವಿಷ್ಯ ರೂಪಿಸುವಲ್ಲಿ ಅಂಗನವಾಡಿ ಕೇಂದ್ರಗಳ ಪಾತ್ರ ದೊಡ್ಡದು ಎಂದರು. ಕಾರ್ಯಕ್ರಮದಲ್ಲಿ ಹಲವು ಕಾರ್ಯಕರ್ತೆಯರನ್ನು ಸನ್ಮಾನಿಸಲಾಯಿತು. ಮಕ್ಕಳಿಂದ ಸಾಂಸ್ಕೃತಿಕ ಕಾರ್ಯಕ್ರಮಗಳು ನಡೆದವು. ಪೋಷಕರು ಹಾಗೂ ಗ್ರಾಮಸ್ಥರು ಹೆಚ್ಚಿನ ಸಂಖ್ಯೆಯಲ್ಲಿ ಭಾಗವಹಿಸಿದ್ದರು. ಕೊನೆಯಲ್ಲಿ ವಂದನಾರ್ಪಣೆ ಸಲ್ಲಿಸಲಾಯಿತು.
ರಾಜ್ಯ ಸಂಘಟನಾ ಕಾರ್ಯದರ್ಶಿಯಾಗಿ ಸೋಮಶೇಖರ್ ಭರವಸೆ
ನೌಕರರ ಸಂಕಷ್ಟಗಳ ಪರಿಹಾರಕ್ಕೆ ಪ್ರಯತ್ನ
● ಪಿರಿಯಾಪಟ್ಟಣ: ರಾಜ್ಯ ಸರ್ಕಾರಿ ನೌಕರರ ಸಂಘದ ಸಂಘಟನಾ ಪರಿಷತ್ತಿನ ಪ್ರಮಾಣೆ ಪ್ರಮುಖ ಸದಸ್ಯರಾಗಿ ಆಯ್ಕೆಯಾಗಿರುವ ಸೋಮಶೇಖರ್ ಅವರು ನೌಕರರ ಸಮಸ್ಯೆಗಳ ಪರಿಹಾರಕ್ಕೆ ಶ್ರಮಿಸುವುದಾಗಿ ಭರವಸೆ ನೀಡಿದರು. ಅವರಿಗೆ ಸ್ಥಳೀಯ ನೌಕರರ ಸಂಘದ ವತಿಯಿಂದ ಅಭಿನಂದನೆ ಸಲ್ಲಿಸಲಾಯಿತು.
ಏಳನೇ ವೇತನ ಆಯೋಗದ ಶಿಫಾರಸುಗಳನ್ನು ಸಂಪೂರ್ಣವಾಗಿ ಜಾರಿಗೊಳಿಸಬೇಕು, ಹಳೆಯ ಪಿಂಚಣಿ ಯೋಜನೆ ಮರು ಜಾರಿ ಮಾಡಬೇಕು ಎಂಬ ಬೇಡಿಕೆಗಳನ್ನು ಸರ್ಕಾರದ ಮುಂದಿಡಲಾಗುವುದು ಎಂದು ಅವರು ಹೇಳಿದರು. ನೌಕರರ ಸಮಸ್ಯೆಗಳನ್ನು ಸರ್ಕಾರದ ಗಮನಕ್ಕೆ ತಂದು ಪರಿಹರಿಸಲು ಸತತ ಪ್ರಯತ್ನ ಮಾಡುವುದಾಗಿ ತಿಳಿಸಿದರು.
ರಾಜ್ಯ ಸರ್ಕಾರಿ ನೌಕರರ ಸಂಘದ ಸಂಘಟನಾ ಕಾರ್ಯದರ್ಶಿಯಾಗಿ ಆಯ್ಕೆಯಾದ ಸೋಮಶೇಖರ್ ಅವರನ್ನು ಪಿರಿಯಾಪಟ್ಟಣದಲ್ಲಿ ಸನ್ಮಾನಿಸಲಾಯಿತು.
ಸಮಾರಂಭದಲ್ಲಿ ತಾಲ್ಲೂಕು ಘಟಕದ ಅಧ್ಯಕ್ಷರು, ಪದಾಧಿಕಾರಿಗಳು ಹಾಗೂ ವಿವಿಧ ಇಲಾಖೆಗಳ ನೌಕರರು ಭಾಗವಹಿಸಿದ್ದರು. ಸಂಘದ ಚಟುವಟಿಕೆಗಳಿಗೆ ಎಲ್ಲರೂ ಸಹಕಾರ ನೀಡಬೇಕು ಎಂದು ಮನವಿ ಮಾಡಲಾಯಿತು.
